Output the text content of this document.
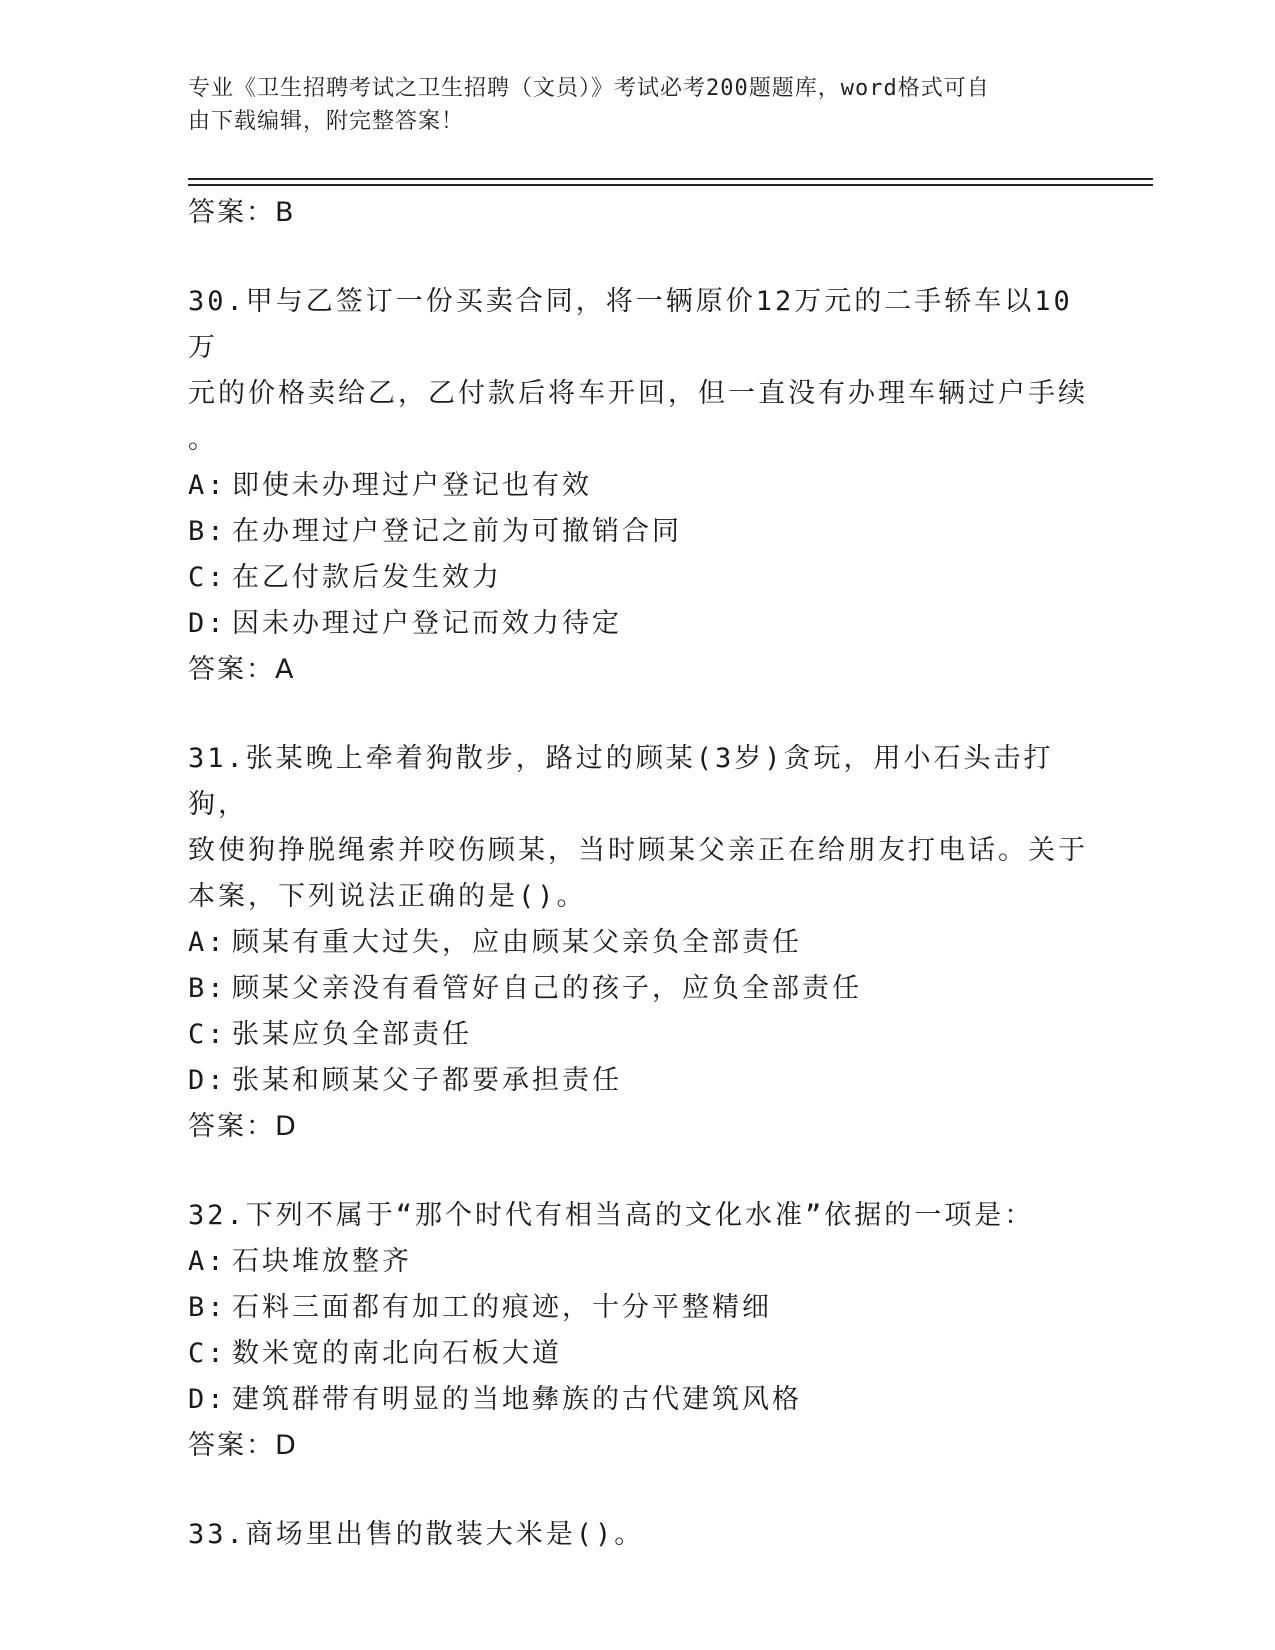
专业《卫生招聘考试之卫生招聘（文员）》考试必考200题题库，word格式可自
由下载编辑，附完整答案！
答案：B
30.甲与乙签订一份买卖合同，将一辆原价12万元的二手轿车以10万
元的价格卖给乙，乙付款后将车开回，但一直没有办理车辆过户手续
。
A: 即使未办理过户登记也有效
B: 在办理过户登记之前为可撤销合同
C: 在乙付款后发生效力
D: 因未办理过户登记而效力待定
答案：A
31.张某晚上牵着狗散步，路过的顾某(3岁)贪玩，用小石头击打狗，
致使狗挣脱绳索并咬伤顾某，当时顾某父亲正在给朋友打电话。关于
本案，下列说法正确的是()。
A: 顾某有重大过失，应由顾某父亲负全部责任
B: 顾某父亲没有看管好自己的孩子，应负全部责任
C: 张某应负全部责任
D: 张某和顾某父子都要承担责任
答案：D
32.下列不属于“那个时代有相当高的文化水准”依据的一项是：
A: 石块堆放整齐
B: 石料三面都有加工的痕迹，十分平整精细
C: 数米宽的南北向石板大道
D: 建筑群带有明显的当地彝族的古代建筑风格
答案：D
33.商场里出售的散装大米是()。
